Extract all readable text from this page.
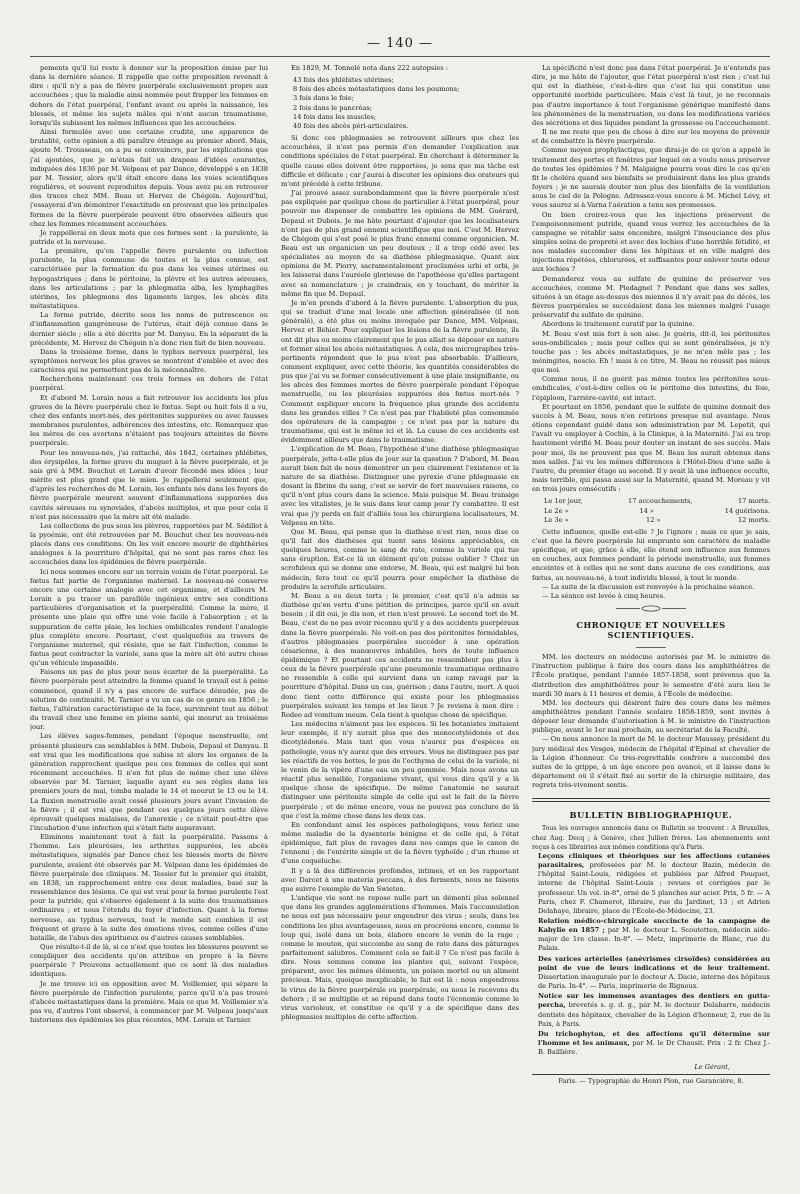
— 140 —

pements qu'il lui reste à donner sur la proposition émise par lui dans la dernière séance. Il rappelle que cette proposition revenait à dire : qu'il n'y a pas de fièvre puerpérale exclusivement propre aux accouchées ; que la maladie ainsi nommée peut frapper les femmes en dehors de l'état puerpéral, l'enfant avant ou après la naissance, les blessés, et même les sujets mâles qui n'ont aucun traumatisme, lorsqu'ils subissent les mêmes influences que les accouchées.

Ainsi formulée avec une certaine crudité, une apparence de brutalité, cette opinion a dû paraître étrange au premier abord. Mais, ajoute M. Trousseau, on a pu se convaincre, par les explications que j'ai ajoutées, que je m'étais fait un drapeau d'idées courantes, indiquées dès 1836 par M. Velpeau et par Dance, développé s en 1838 par M. Tessier, alors qu'il était encore dans les voies scientifiques régulières, et souvent reproduites depuis. Vous avez pu en retrouver des traces chez MM. Beau et Hervez de Chégoin. Aujourd'hui, j'essayerai d'en démontrer l'exactitude en prouvant que les principales formes de la fièvre puerpérale peuvent être observées ailleurs que chez les femmes récemment accouchées.

Je rappellerai en deux mots que ces formes sont : la purulente, la putride et la nerveuse.

La première, qu'on l'appelle fièvre purulente ou infection purulente, la plus commune de toutes et la plus connue, est caractérisée par la formation du pus dans les veines utérines ou hypogastriques ; dans le péritoine, la plèvre et les autres séreuses, dans les articulations ; par la phlegmatia alba, les lymphagites utérines, les phlegmons des ligaments larges, les abcès dits métastatiques.

La forme putride, décrite sous les noms de putrescence ou d'inflammation gangréneuse de l'utérus, était déjà connue dans le dernier siècle ; elle a été décrite par M. Danyau. En la séparant de la précédente, M. Hervez de Chégoin n'a donc rien fait de bien nouveau.

Dans la troisième forme, dans le typhus nerveux puerpéral, les symptômes nerveux les plus graves se montrent d'emblée et avec des caractères qui ne permettent pas de la méconnaître.

Recherchons maintenant ces trois formes en dehors de l'état puerpéral.

Et d'abord M. Lorain nous a fait retrouver les accidents les plus graves de la fièvre puerpérale chez le fœtus. Sept ou huit fois il a vu, chez des enfants mort-nés, des péritonites suppurées ou avec fausses membranes purulentes, adhérences des intestins, etc. Remarquez que les mères de ces avortons n'étaient pas toujours atteintes de fièvre puerpérale.

Pour les nouveau-nés, j'ai rattaché, dès 1842, certaines phlébites, des érysipèles, la forme grave du muguet à la fièvre puerpérale, et je sais gré à MM. Bouchut et Lorain d'avoir fécondé mes idées ; leur mérite est plus grand que le mien. Je rappellerai seulement que, d'après les recherches de M. Lorain, les enfants nés dans les foyers de fièvre puerpérale meurent souvent d'inflammations suppurées des cavités séreuses ou synoviales, d'abcès multiples, et que pour cela il n'est pas nécessaire que la mère ait été malade.

Les collections de pus sous les plèvres, rapportées par M. Sédillot à la pyoémie, ont été retrouvées par M. Bouchut chez les nouveau-nés placés dans ces conditions. On les voit encore mourir de diphthéries analogues à la pourriture d'hôpital, qui ne sont pas rares chez les accouchées dans les épidémies de fièvre puerpérale.

Ici nous sommes encore sur un terrain voisin de l'état puerpéral. Le fœtus fait partie de l'organisme maternel. Le nouveau-né conserve encore une certaine analogie avec cet organisme, et d'ailleurs M. Lorain a pu tracer un parallèle ingénieux entre ses conditions particulières d'organisation et la puerpéralité. Comme la mère, il présente une plaie qui offre une voie facile à l'absorption ; et la suppuration de cette plaie, les lochies ombilicales rendent l'analogie plus complète encore. Pourtant, c'est quelquefois au travers de l'organisme maternel, qui résiste, que se fait l'infection, comme le fœtus peut contracter la variole, sans que la mère ait été autre chose qu'un véhicule impassible.

Faisons un pas de plus pour nous écarter de la puerpéralité. La fièvre puerpérale peut atteindre la femme quand le travail est à peine commencé, quand il n'y a pas encore de surface dénudée, pas de solution de continuité. M. Tarnier a vu un cas de ce genre en 1856 ; le fœtus, l'altération caractéristique de la face, survinrent tout au début du travail chez une femme en pleine santé, qui mourut au troisième jour.

Les élèves sages-femmes, pendant l'époque menstruelle, ont présenté plusieurs cas semblables à MM. Dubois, Depaul et Danyau. Il est vrai que les modifications que subiss nt alors les organes de la génération rapprochent quelque peu ces femmes de celles qui sont récemment accouchées. Il n'en fut plus de même chez une élève observée par M. Tarnier, laquelle ayant eu ses règles dans les premiers jours de mai, tomba malade le 14 et mourut le 13 ou le 14. La fluxion menstruelle avait cessé plusieurs jours avant l'invasion de la fièvre ; il est vrai que pendant ces quelques jours cette élève éprouvait quelques malaises, de l'anorexie ; ce n'était peut-être que l'incubation d'une infection qui s'était faite auparavant.

Eliminons maintenant tout à fait la puerpéralité. Passons à l'homme. Les pleurésies, les arthrites suppurées, les abcès métastatiques, signalés par Dance chez les blessés morts de fièvre purulente, avaient été observés par M. Velpeau dans les épidémies de fièvre puerpérale des cliniques. M. Tessier fut le premier qui établit, en 1838, un rapprochement entre ces deux maladies, basé sur la ressemblance des lésions. Ce qui est vrai pour la forme purulente l'est pour la putride, qui s'observe également à la suite des traumatismes ordinaires ; et nous l'étendu du foyer d'infection. Quant à la forme nerveuse, au typhus nerveux, tout le monde sait combien il est fréquent et grave à la suite des émotions vives, comme celles d'une bataille, de l'abus des spiritueux ou d'autres causes semblables.

Que résulte-t-il de là, si ce n'est que toutes les blessures peuvent se compliquer des accidents qu'on attribue en propre à la fièvre puerpérale ? Prouvons actuellement que ce sont là des maladies identiques.

Je me trouve ici en opposition avec M. Voillemier, qui sépare la fièvre puerpérale de l'infection purulente, parce qu'il n'a pas trouvé d'abcès métastatiques dans la première. Mais ce que M. Voillemier n'a pas vu, d'autres l'ont observé, à commencer par M. Velpeau jusqu'aux historiens des épidémies les plus récentes, MM. Lorain et Tarnier.

En 1829, M. Tonnelé nota dans 222 autopsies :

43 fois des phlébites utérines;
8 fois des abcès métastatiques dans les poumons;
3 fois dans le foie;
2 fois dans le pancréas;
14 fois dans les muscles;
40 fois des abcès péri-articulaires.

Si donc ces phlegmasies se retrouvent ailleurs que chez les accouchées, il n'est pas permis d'en demander l'explication aux conditions spéciales de l'état puerpéral. En cherchant à déterminer la quelle cause elles doivent être rapportées, je sens que ma tâche est difficile et délicate ; car j'aurai à discuter les opinions des orateurs qui m'ont précédé à cette tribune.

J'ai prouvé assez surabondamment que la fièvre puerpérale n'est pas expliquée par quelque chose de particulier à l'état puerpéral, pour pouvoir me dispenser de combattre les opinions de MM. Guérard, Depaul et Dubois. Je me hâte pourtant d'ajouter que les localisateurs n'ont pas de plus grand ennemi scientifique que moi. C'est M. Hervez de Chégoin qui s'est posé le plus franc ennemi comme organicien. M. Beau est un organicien un peu douteux ; il a trop cédé avec les spécialistes au moyen de sa diathèse phlegmasique. Quant aux opinions de M. Piorry, sacramentalement proclamées urbi et orbi, je les laisserai dans l'auréole glorieuse de l'apothéose qu'elles partagent avec sa nomenclature ; je craindrais, en y touchant, de mériter la même fin que M. Depaul.

Je m'en prends d'abord à la fièvre purulente. L'absorption du pus, qui se traduit d'une mal locale une affection généralisée (il non généralé), a été plus ou moins invoquée par Dance, MM. Velpeau, Hervez et Béhier. Pour expliquer les lésions de la fièvre purulente, ils ont dit plus ou moins clairement que le pus allait se déposer en nature et former ainsi les abcès métastatiques. A cela, des micrographes très-pertinents répondent que le pus n'est pas absorbable. D'ailleurs, comment expliquer, avec cette théorie, les quantités considérables de pus que j'ai vu se former consécutivement à une plaie insignifiante, ou les abcès des femmes mortes de fièvre puerpérale pendant l'époque menstruelle, ou les pleurésies suppurées des fœtus mort-nés ? Comment expliquer encore la fréquence plus grande des accidents dans les grandes villes ? Ce n'est pas par l'habileté plus consommée des opérateurs de la campagne ; ce n'est pas par la nature du traumatisme, qui est le même ici et là. La cause de ces accidents est évidemment ailleurs que dans le traumatisme.

L'explication de M. Beau, l'hypothèse d'une diathèse phlegmasique puerpérale, jette-t-elle plus de jour sur la question ? D'abord, M. Beau aurait bien fait de nous démontrer un peu clairement l'existence et la nature de sa diathèse. Distinguer une pyrexie d'une phlegmasie en dosant la fibrine du sang, c'est se servir de fort mauvaises raisons, ce qu'il n'ont plus cours dans la science. Mais puisque M. Beau transige avec les vitalistes, je le suis dans leur camp pour l'y combattre. Il est vrai que j'y perds en fait d'alliés tous les chirurgiens localisateurs, M. Velpeau en tête.

Que M. Beau, qui pense que la diathèse n'est rien, nous dise ce qu'il fait des diathèses qui tuent sans lésions appréciables, en quelques heures, comme le sang de rate, comme la variole qui tue sans éruption. Est-ce là un élément qu'on puisse oublier ? Chez un scrofuleux qui se donne une entorse, M. Beau, qui est malgré lui bon médecin, fera tout ce qu'il pourra pour empêcher la diathèse de produire la scrofule articulaire.

M. Beau a eu deux torts ; le premier, c'est qu'il n'a admis sa diathèse qu'en vertu d'une pétition de principes, parce qu'il en avait besoin ; il dit oui, je dis non, et rien n'est prouvé. Le second tort de M. Beau, c'est de ne pas avoir reconnu qu'il y a des accidents puerpéraux dans la fièvre puerpérale. Ne voit-on pas des péritonites formidables, d'autres phlegmasies puerpérales succéder à une opération césarienne, à des manœuvres inhabiles, hors de toute influence épidémique ? Et pourtant ces accidents ne ressemblent pas plus à ceux de la fièvre puerpérale qu'une pneumonie traumatique ordinaire ne ressemble à celle qui survient dans un camp ravagé par la pourriture d'hôpital. Dans un cas, guérison ; dans l'autre, mort. A quoi donc tient cette différence qui existe pour les phlegmasies puerpérales suivant les temps et les lieux ? Je reviens à mon dire : Redeo ad vomitum meum. Cela tient à quelque chose de spécifique.

Les médecins n'aiment pas les espèces. Si les botanistes imitaient leur exemple, il n'y aurait plus que des monocotylédonés et des dicotylédonés. Mais tant que vous n'aurez pas d'espèces en pathologie, vous n'y aurez que des erreurs. Vous ne distinguez pas par les réactifs de vos bottes, le pus de l'ecthyma de celui de la variole, ni le venin de la vipère d'une eau un peu gommée. Mais nous avons un réactif plus sensible, l'organisme vivant, qui vous dira qu'il y a là quelque chose de spécifique. De même l'anatomie ne saurait distinguer une péritonite simple de celle qui est le fait de la fièvre puerpérale ; et de même encore, vous ne pouvez pas conclure de là que c'est la même chose dans les deux cas.

En confondant ainsi les espèces pathologiques, vous feriez une même maladie de la dysenterie bénigne et de celle qui, à l'état épidémique, fait plus de ravages dans nos camps que le canon de l'ennemi ; de l'entérite simple et de la fièvre typhoïde ; d'un rhume et d'une coqueluche.

Il y a là des différences profondes, intimes, et en les rapportant avec Darcet à une materia peccans, à des ferments, nous ne faisons que suivre l'exemple de Van Swieten.

L'antique vie sont ne repose nulle part un démenti plus solennel que dans les grandes agglomérations d'hommes. Mais l'accumulation ne nous est pas nécessaire pour engendrer des virus ; seuls, dans les conditions les plus avantageuses, nous en procréons encore, comme le loup qui, isolé dans un bois, élabore encore le venin de la rage ; comme le mouton, qui succombe au sang de rate dans des pâturages parfaitement salubres. Comment cela se fait-il ? Ce n'est pas facile à dire. Nous sommes comme les plantes qui, suivant l'espèce, préparent, avec les mêmes éléments, un poison mortel ou un aliment précieux. Mais, quoique inexplicable, le fait est là : nous engendrons le virus de la fièvre puerpérale ou puerpérale, ou nous le recevons du dehors ; il se multiplie et se répand dans toute l'économie comme le virus varioleux, et constitue ce qu'il y a de spécifique dans des phlegmasies multiples de cette affection.

La spécificité n'est donc pas dans l'état puerpéral. Je n'entends pas dire, je me hâte de l'ajouter, que l'état puerpéral n'est rien ; c'est lui qui est la diathèse, c'est-à-dire que c'est lui qui constitue une opportunité morbide particulière. Mais c'est là tout, je ne reconnais pas d'autre importance à tout l'organisme générique manifesté dans les phénomènes de la menstruation, ou dans les modifications variées des sécrétions et des liquides pendant la grossesse ou l'accouchement.

Il ne me reste que peu de chose à dire sur les moyens de prévenir et de combattre la fièvre puerpérale.

Comme moyen prophylactique, que dirai-je de ce qu'on a appelé le traitement des portes et fenêtres par lequel on a voulu nous préserver de toutes les épidémies ? M. Malgaigne pourra vous dire le cas qu'en fit le choléra quand ses bienfaits se produisirent dans les plus grands foyers ; je ne saurais douter non plus des bienfaits de la ventilation sous le ciel de la Pologne. Adressez-vous encore à M. Michel Lévy, et vous saurez si à Varna l'aération a tenu ses promesses.

On bien croirez-vous que les injections préservent de l'empoisonnement putride, quand vous verrez les accouchées de la campagne se rétablir sans encombre, malgré l'insouciance des plus simples soins de propreté et avec des lochies d'une horrible fétidité, et nos malades succomber dans les hôpitaux et en ville malgré des injections répétées, chlorurées, et suffisantes pour enlever toute odeur aux lochies ?

Demanderez vous au sulfate de quinine de préserver vos accouchées, comme M. Piedagnel ? Pendant que dans ses salles, situées à un étage au-dessus des miennes il n'y avait pas de décès, les fièvres puerpérales se succédaient dans les miennes malgré l'usage préservatif du sulfate de quinine.

Abordons le traitement curatif par la quinine.

M. Beau s'est mis fort à son aise. Je guéris, dit-il, les péritonites sous-ombilicales ; mais pour celles qui se sont généralisées, je n'y touche pas ; les abcès métastatiques, je ne m'en mêle pas ; les méningites, nescio. Eh ! mais à ce titre, M. Beau ne réussit pas mieux que moi.

Comme nous, il ne guérit pas même toutes les péritonites sous-ombilicales, c'est-à-dire celles où le péritoine des intestins, du foie, l'épiploon, l'arrière-cavité, est intact.

Et pourtant en 1856, pendant que le sulfate de quinine donnait des succès à M. Beau, nous n'en retirions presque nul avantage. Nous étions cependant guidé dans son administration par M. Lepetit, qui l'avait vu employer à Cochin, à la Clinique, à la Maternité. J'ai eu trop hautement vérifié M. Beau pour douter un instant de ses succès. Mais pour moi, ils ne prouvent pas que M. Beau les aurait obtenus dans mes salles. J'ai vu les mêmes différences à l'Hôtel-Dieu d'une salle à l'autre, du premier étage au second. Il y avait là une influence occulte, mais terrible, qui passa aussi sur la Maternité, quand M. Moreau y vit en trois jours consécutifs :

Le 1er jour,	17 accouchements,	17 morts.
Le 2e »	14 »	14 guérisons.
Le 3e »	12 »	12 morts.

Cette influence, quelle est-elle ? Je l'ignore ; mais ce que je sais, c'est que la fièvre puerpérale lui emprunte son caractère de maladie spécifique, et que, grâce à elle, elle étend son influence aux femmes en couches, aux femmes pendant la période menstruelle, aux femmes enceintes et à celles qui ne sont dans aucune de ces conditions, aux fœtus, au nouveau-né, à tout individu blessé, à tout le monde.

— La suite de la discussion est renvoyée à la prochaine séance.

— La séance est levée à cinq heures.

CHRONIQUE ET NOUVELLES SCIENTIFIQUES.

MM. les docteurs en médecine autorisés par M. le ministre de l'instruction publique à faire des cours dans les amphithéâtres de l'École pratique, pendant l'année 1857-1858, sont prévenus que la distribution des amphithéâtres pour le semestre d'été aura lieu le mardi 30 mars à 11 heures et demie, à l'École de médecine.

MM. les docteurs qui désirent faire des cours dans les mêmes amphithéâtres pendant l'année scolaire 1858-1859, sont invités à déposer leur demande d'autorisation à M. le ministre de l'instruction publique, avant le 1er mai prochain, au secrétariat de la Faculté.

— On nous annonce la mort de M. le docteur Maussey, président du jury médical des Vosges, médecin de l'hôpital d'Epinal et chevalier de la Légion d'honneur. Ce très-regrettable confrère a succombé des suites de la grippe, à un âge encore peu avancé, et il laisse dans le département où il s'était fixé au sortir de la chirurgie militaire, des regrets très-vivement sentis.

BULLETIN BIBLIOGRAPHIQUE.

Tous les ouvrages annoncés dans ce Bulletin se trouvent : A Bruxelles, chez Aug. Decq ; à Genève, chez Jullien frères. Les abonnements sont reçus à ces librairies aux mêmes conditions qu'à Paris.

Leçons cliniques et théoriques sur les affections cutanées parasitaires, professées par M. le docteur Bazin, médecin de l'hôpital Saint-Louis, rédigées et publiées par Alfred Pouquet, interne de l'hôpital Saint-Louis ; revues et corrigées par le professeur. Un vol. in-8°, orné de 5 planches sur acier. Prix, 5 fr. — A Paris, chez F. Chamerot, libraire, rue du Jardinet, 13 ; et Adrien Delahaye, libraire, place de l'École-de-Médecine, 23.

Relation médico-chirurgicale succincte de la campagne de Kabylie en 1857 ; par M. le docteur L. Scoutetten, médecin aide-major de 1re classe. In-8°. — Metz, imprimerie de Blanc, rue du Palais.

Des varices artérielles (anévrismes cirsoïdes) considérées au point de vue de leurs indications et de leur traitement. Dissertation inaugurale par le docteur A. Dacie, interne des hôpitaux de Paris. In-4°. — Paris, imprimerie de Rignoux.

Notice sur les immenses avantages des dentiers en gutta-percha, brevetés s. g. d. g., par M. le docteur Delabarre, médecin dentiste des hôpitaux, chevalier de la Légion d'honneur, 2, rue de la Paix, à Paris.

Du trichophyton, et des affections qu'il détermine sur l'homme et les animaux, par M. le Dr Chausit. Prix : 2 fr. Chez J.-B. Baillière.

Le Gérant,
Paris. — Typographie de Henri Plon, rue Garancière, 8.
